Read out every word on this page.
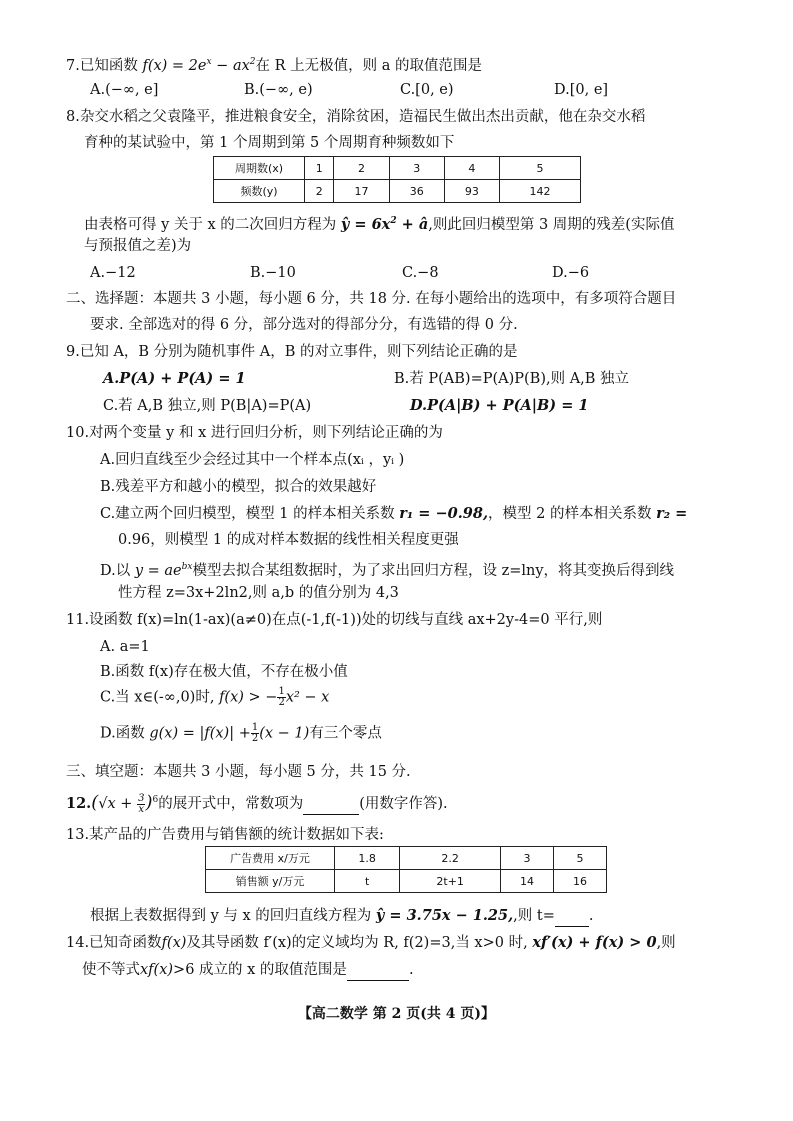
7.已知函数 $f(x) = 2e^x - ax^2$在 R 上无极值，则 a 的取值范围是
A.(−∞, e]	B.(−∞, e)	C.[0, e)	D.[0, e]
8.杂交水稻之父袁隆平，推进粮食安全，消除贫困，造福民生做出杰出贡献，他在杂交水稻
育种的某试验中，第 1 个周期到第 5 个周期育种频数如下
周期数(x)	1	2	3	4	5
频数(y)	2	17	36	93	142
由表格可得 y 关于 x 的二次回归方程为 ŷ = $6x^2$ + â,则此回归模型第 3 周期的残差(实际值
与预报值之差)为
A.−12	B.−10	C.−8	D.−6
二、选择题：本题共 3 小题，每小题 6 分，共 18 分. 在每小题给出的选项中，有多项符合题目
要求. 全部选对的得 6 分，部分选对的得部分分，有选错的得 0 分.
9.已知 A，B 分别为随机事件 A，B 的对立事件，则下列结论正确的是
A.P(A) + P(A) = 1	B.若 P(AB)=P(A)P(B),则 A,B 独立
C.若 A,B 独立,则 P(B|A)=P(A)	D.P(A|B) + P(A|B) = 1
10.对两个变量 y 和 x 进行回归分析，则下列结论正确的为
A.回归直线至少会经过其中一个样本点(xᵢ ，yᵢ )
B.残差平方和越小的模型，拟合的效果越好
C.建立两个回归模型，模型 1 的样本相关系数 r₁ = −0.98,，模型 2 的样本相关系数 r₂ =
0.96，则模型 1 的成对样本数据的线性相关程度更强
D.以 $y = ae^{bx}$模型去拟合某组数据时，为了求出回归方程，设 z=lny，将其变换后得到线
性方程 z=3x+2ln2,则 a,b 的值分别为 4,3
11.设函数 f(x)=ln(1-ax)(a≠0)在点(-1,f(-1))处的切线与直线 ax+2y-4=0 平行,则
A. a=1
B.函数 f(x)存在极大值，不存在极小值
C.当 x∈(-∞,0)时, f(x) > − $\frac{1}{2} x^2 - x$
D.函数 $g(x) = |f(x)| + \frac{1}{2} (x - 1)$有三个零点
三、填空题：本题共 3 小题，每小题 5 分，共 15 分.
$12.(√x + \frac{3}{x} )^6$的展开式中，常数项为	(用数字作答).
13.某产品的广告费用与销售额的统计数据如下表:
广告费用 x/万元	1.8	2.2	3	5
销售额 y/万元	t	2t+1	14	16
根据上表数据得到 y 与 x 的回归直线方程为 ŷ = 3.75x − 1.25,,则 t= .
14.已知奇函数f(x)及其导函数 f′(x)的定义域均为 R, f(2)=3,当 x>0 时, xf′(x) + f(x) > 0,则
使不等式xf(x)>6 成立的 x 的取值范围是	.
【高二数学 第 2 页(共 4 页)】
